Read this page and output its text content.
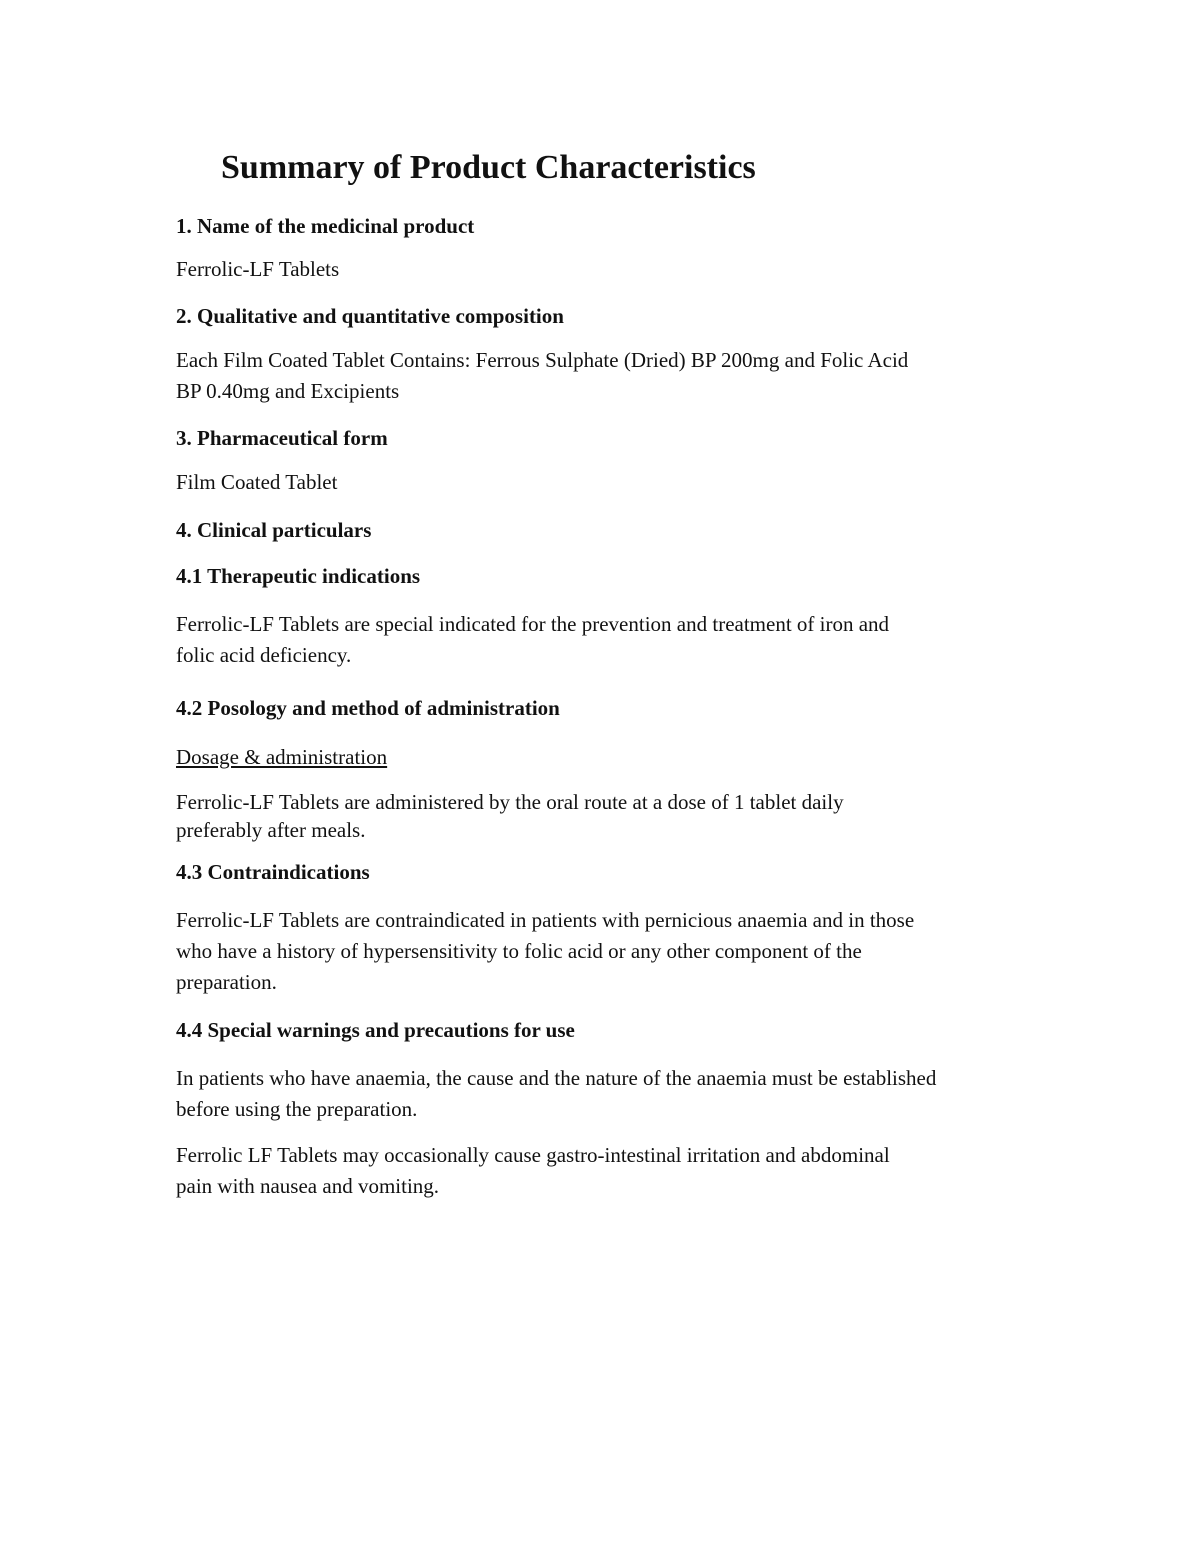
Summary of Product Characteristics
1. Name of the medicinal product

Ferrolic-LF Tablets

2. Qualitative and quantitative composition

Each Film Coated Tablet Contains: Ferrous Sulphate (Dried) BP 200mg and Folic Acid
BP 0.40mg and Excipients

3. Pharmaceutical form

Film Coated Tablet

4. Clinical particulars
4.1 Therapeutic indications

Ferrolic-LF Tablets are special indicated for the prevention and treatment of iron and
folic acid deficiency.

4.2 Posology and method of administration

Dosage & administration

Ferrolic-LF Tablets are administered by the oral route at a dose of 1 tablet daily
preferably after meals.

4.3 Contraindications

Ferrolic-LF Tablets are contraindicated in patients with pernicious anaemia and in those
who have a history of hypersensitivity to folic acid or any other component of the
preparation.

4.4 Special warnings and precautions for use

In patients who have anaemia, the cause and the nature of the anaemia must be established
before using the preparation.

Ferrolic LF Tablets may occasionally cause gastro-intestinal irritation and abdominal
pain with nausea and vomiting.
